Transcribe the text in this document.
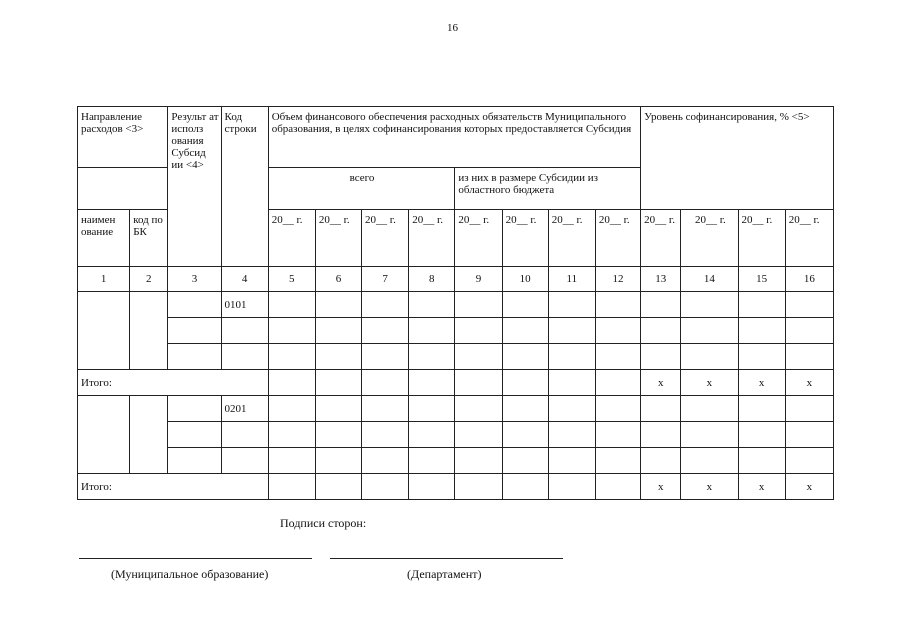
16
Направление расходов <3>		Результ ат исполз ования Субсид ии <4>	Код строки	Объем финансового обеспечения расходных обязательств Муниципального образования, в целях софинансирования которых предоставляется Субсидия								Уровень софинансирования, % <5>			
				всего				из них в размере Субсидии из областного бюджета							
наимен ование	код по БК			20__ г.	20__ г.	20__ г.	20__ г.	20__ г.	20__ г.	20__ г.	20__ г.	20__ г.	20__ г.	20__ г.	20__ г.
1	2	3	4	5	6	7	8	9	10	11	12	13	14	15	16
			0101												

Итого:												x	x	x	x
			0201												

Итого:												x	x	x	x
Подписи сторон:
(Муниципальное образование)	(Департамент)
